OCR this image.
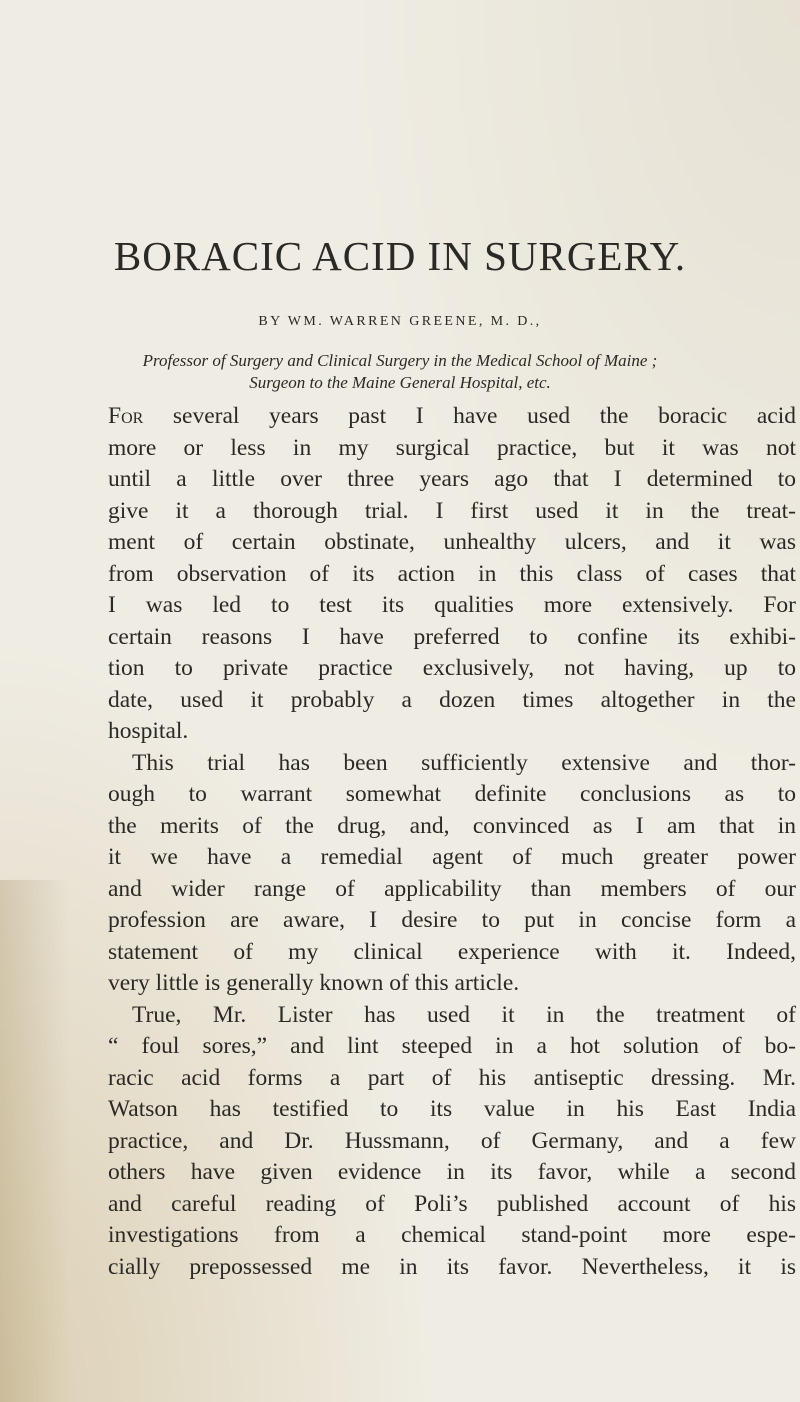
BORACIC ACID IN SURGERY.
BY WM. WARREN GREENE, M. D.,
Professor of Surgery and Clinical Surgery in the Medical School of Maine ;
Surgeon to the Maine General Hospital, etc.
For several years past I have used the boracic acid
more or less in my surgical practice, but it was not
until a little over three years ago that I determined to
give it a thorough trial. I first used it in the treat-
ment of certain obstinate, unhealthy ulcers, and it was
from observation of its action in this class of cases that
I was led to test its qualities more extensively. For
certain reasons I have preferred to confine its exhibi-
tion to private practice exclusively, not having, up to
date, used it probably a dozen times altogether in the
hospital.
This trial has been sufficiently extensive and thor-
ough to warrant somewhat definite conclusions as to
the merits of the drug, and, convinced as I am that in
it we have a remedial agent of much greater power
and wider range of applicability than members of our
profession are aware, I desire to put in concise form a
statement of my clinical experience with it. Indeed,
very little is generally known of this article.
True, Mr. Lister has used it in the treatment of
“ foul sores,” and lint steeped in a hot solution of bo-
racic acid forms a part of his antiseptic dressing. Mr.
Watson has testified to its value in his East India
practice, and Dr. Hussmann, of Germany, and a few
others have given evidence in its favor, while a second
and careful reading of Poli’s published account of his
investigations from a chemical stand-point more espe-
cially prepossessed me in its favor. Nevertheless, it is
